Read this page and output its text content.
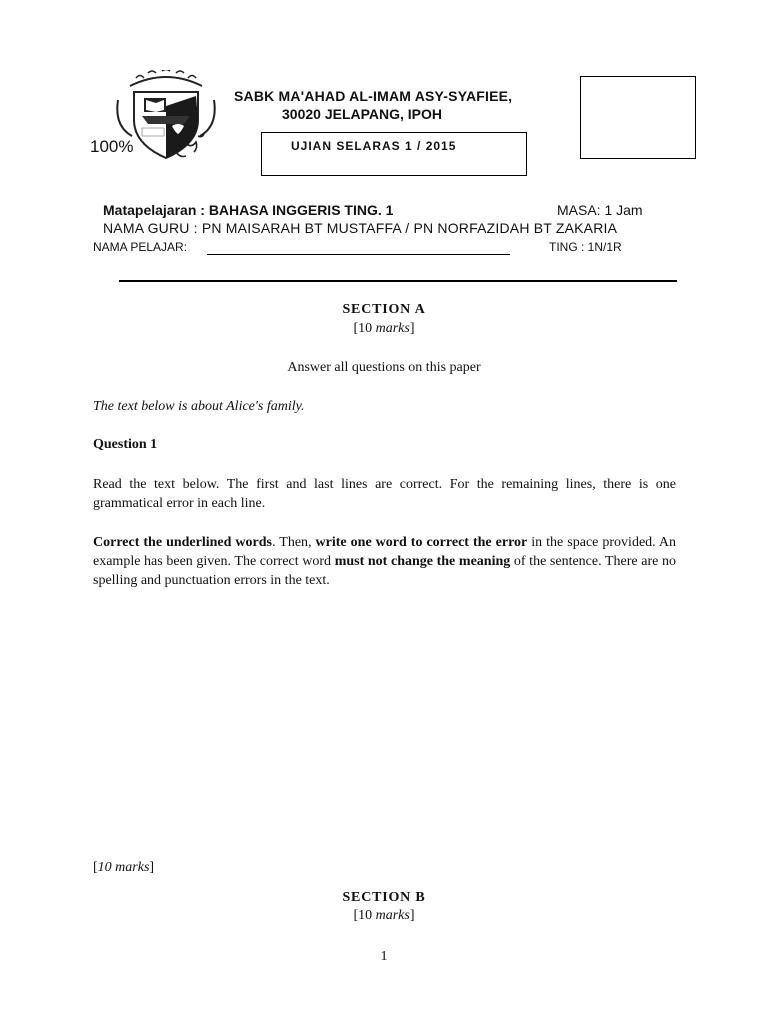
SABK MA'AHAD AL-IMAM ASY-SYAFIEE,
30020 JELAPANG, IPOH
100%	UJIAN SELARAS 1 / 2015
Matapelajaran : BAHASA INGGERIS TING. 1	MASA: 1 Jam
NAMA GURU : PN MAISARAH BT MUSTAFFA / PN NORFAZIDAH BT ZAKARIA
NAMA PELAJAR:	TING : 1N/1R
SECTION A
[10 marks]
Answer all questions on this paper
The text below is about Alice's family.
Question 1
Read the text below. The first and last lines are correct. For the remaining lines, there is one grammatical error in each line.
Correct the underlined words. Then, write one word to correct the error in the space provided. An example has been given. The correct word must not change the meaning of the sentence. There are no spelling and punctuation errors in the text.
[10 marks]
SECTION B
[10 marks]
1
